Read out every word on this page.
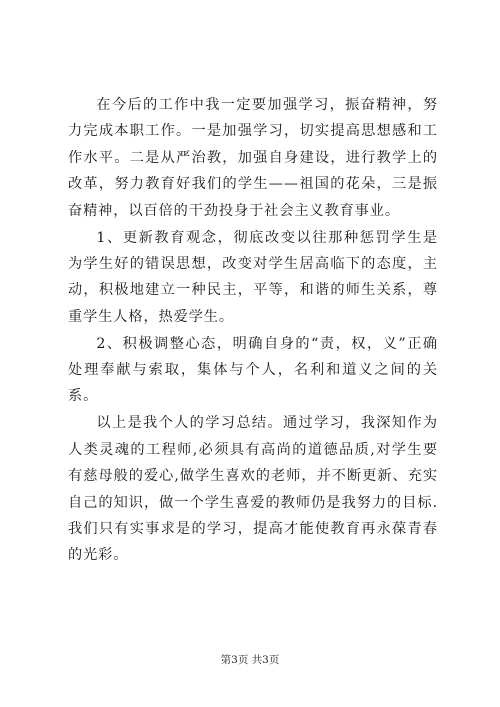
在今后的工作中我一定要加强学习，振奋精神，努力完成本职工作。一是加强学习，切实提高思想感和工作水平。二是从严治教，加强自身建设，进行教学上的改革，努力教育好我们的学生——祖国的花朵，三是振奋精神，以百倍的干劲投身于社会主义教育事业。

1、更新教育观念，彻底改变以往那种惩罚学生是为学生好的错误思想，改变对学生居高临下的态度，主动，积极地建立一种民主，平等，和谐的师生关系，尊重学生人格，热爱学生。

2、积极调整心态，明确自身的“责，权，义”正确处理奉献与索取，集体与个人，名利和道义之间的关系。

以上是我个人的学习总结。通过学习，我深知作为人类灵魂的工程师,必须具有高尚的道德品质,对学生要有慈母般的爱心,做学生喜欢的老师，并不断更新、充实自己的知识，做一个学生喜爱的教师仍是我努力的目标.我们只有实事求是的学习，提高才能使教育再永葆青春的光彩。

第3页 共3页
